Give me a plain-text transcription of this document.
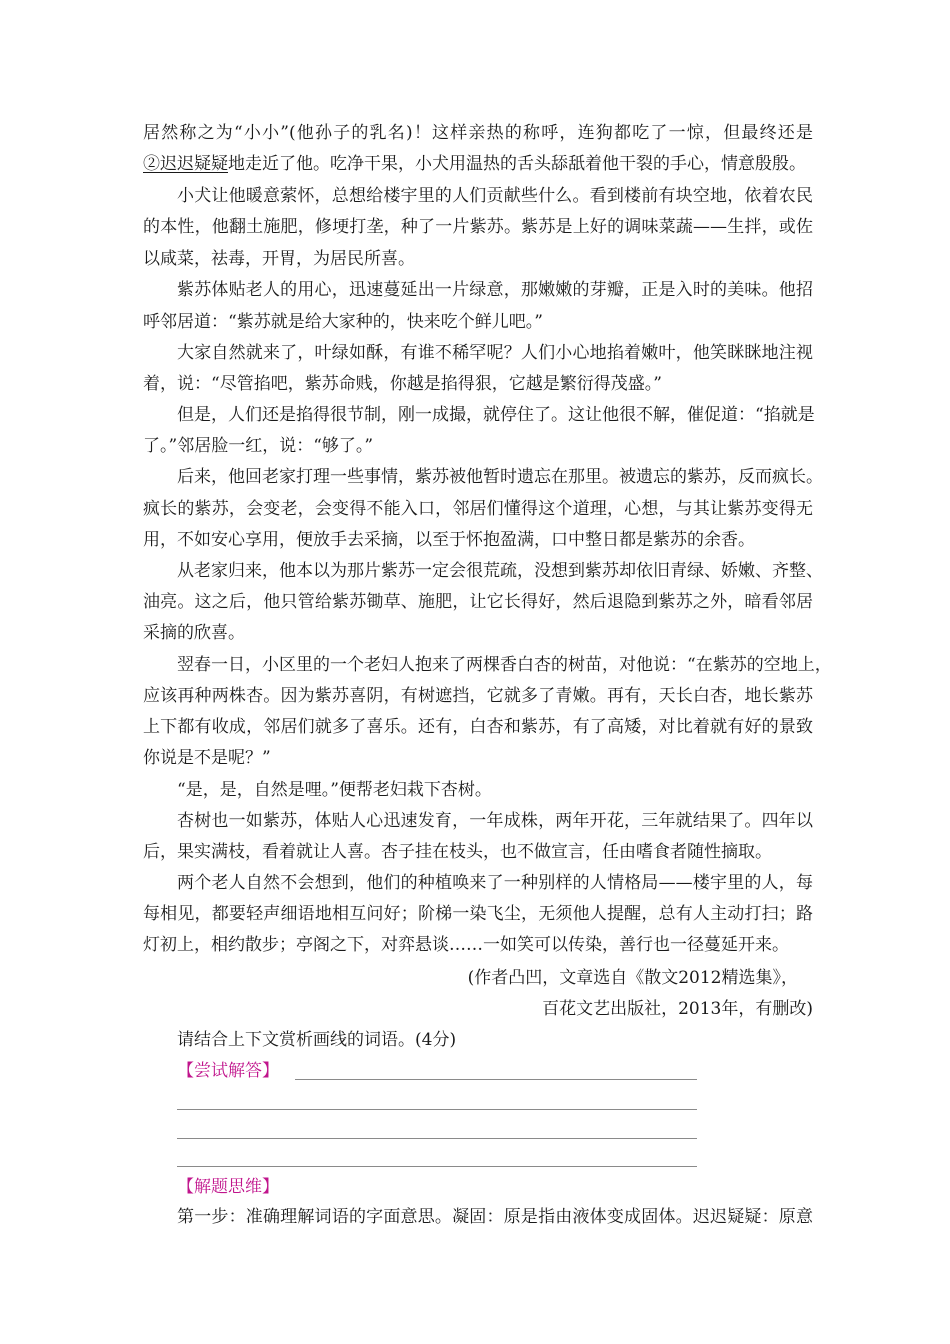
居然称之为“小小”(他孙子的乳名)！这样亲热的称呼，连狗都吃了一惊，但最终还是
②迟迟疑疑地走近了他。吃净干果，小犬用温热的舌头舔舐着他干裂的手心，情意殷殷。
小犬让他暖意萦怀，总想给楼宇里的人们贡献些什么。看到楼前有块空地，依着农民
的本性，他翻土施肥，修埂打垄，种了一片紫苏。紫苏是上好的调味菜蔬——生拌，或佐
以咸菜，祛毒，开胃，为居民所喜。
紫苏体贴老人的用心，迅速蔓延出一片绿意，那嫩嫩的芽瓣，正是入时的美味。他招
呼邻居道：“紫苏就是给大家种的，快来吃个鲜儿吧。”
大家自然就来了，叶绿如酥，有谁不稀罕呢？人们小心地掐着嫩叶，他笑眯眯地注视
着，说：“尽管掐吧，紫苏命贱，你越是掐得狠，它越是繁衍得茂盛。”
但是，人们还是掐得很节制，刚一成撮，就停住了。这让他很不解，催促道：“掐就是
了。”邻居脸一红，说：“够了。”
后来，他回老家打理一些事情，紫苏被他暂时遗忘在那里。被遗忘的紫苏，反而疯长。
疯长的紫苏，会变老，会变得不能入口，邻居们懂得这个道理，心想，与其让紫苏变得无
用，不如安心享用，便放手去采摘，以至于怀抱盈满，口中整日都是紫苏的余香。
从老家归来，他本以为那片紫苏一定会很荒疏，没想到紫苏却依旧青绿、娇嫩、齐整、
油亮。这之后，他只管给紫苏锄草、施肥，让它长得好，然后退隐到紫苏之外，暗看邻居
采摘的欣喜。
翌春一日，小区里的一个老妇人抱来了两棵香白杏的树苗，对他说：“在紫苏的空地上，
应该再种两株杏。因为紫苏喜阴，有树遮挡，它就多了青嫩。再有，天长白杏，地长紫苏
上下都有收成，邻居们就多了喜乐。还有，白杏和紫苏，有了高矮，对比着就有好的景致
你说是不是呢？”
“是，是，自然是哩。”便帮老妇栽下杏树。
杏树也一如紫苏，体贴人心迅速发育，一年成株，两年开花，三年就结果了。四年以
后，果实满枝，看着就让人喜。杏子挂在枝头，也不做宣言，任由嗜食者随性摘取。
两个老人自然不会想到，他们的种植唤来了一种别样的人情格局——楼宇里的人，每
每相见，都要轻声细语地相互问好；阶梯一染飞尘，无须他人提醒，总有人主动打扫；路
灯初上，相约散步；亭阁之下，对弈悬谈……一如笑可以传染，善行也一径蔓延开来。
(作者凸凹，文章选自《散文2012精选集》，
百花文艺出版社，2013年，有删改)
请结合上下文赏析画线的词语。(4分)
【尝试解答】
【解题思维】
第一步：准确理解词语的字面意思。凝固：原是指由液体变成固体。迟迟疑疑：原意
